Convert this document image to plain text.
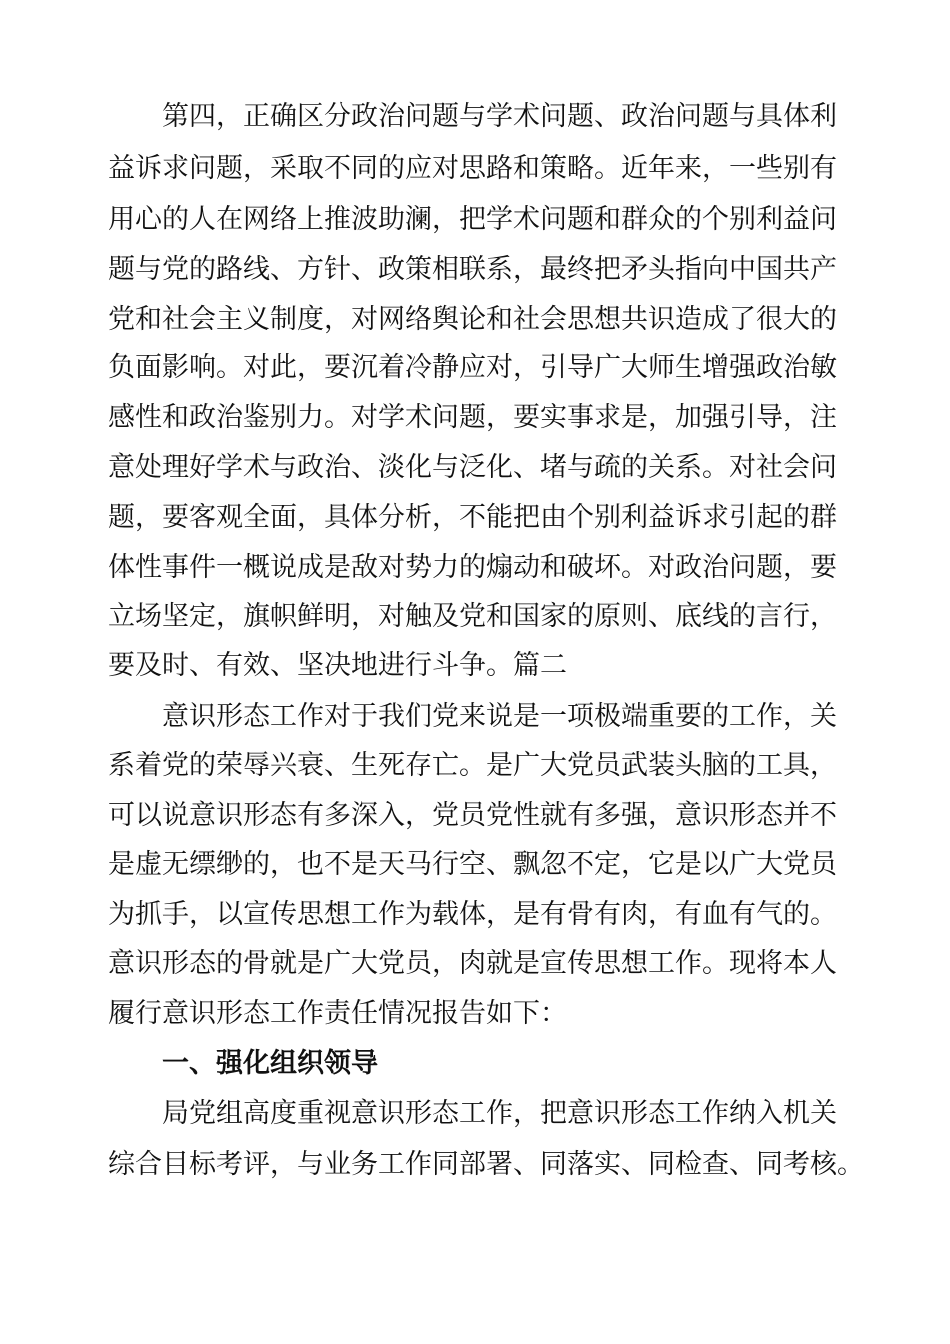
第四，正确区分政治问题与学术问题、政治问题与具体利
益诉求问题，采取不同的应对思路和策略。近年来，一些别有
用心的人在网络上推波助澜，把学术问题和群众的个别利益问
题与党的路线、方针、政策相联系，最终把矛头指向中国共产
党和社会主义制度，对网络舆论和社会思想共识造成了很大的
负面影响。对此，要沉着冷静应对，引导广大师生增强政治敏
感性和政治鉴别力。对学术问题，要实事求是，加强引导，注
意处理好学术与政治、淡化与泛化、堵与疏的关系。对社会问
题，要客观全面，具体分析，不能把由个别利益诉求引起的群
体性事件一概说成是敌对势力的煽动和破坏。对政治问题，要
立场坚定，旗帜鲜明，对触及党和国家的原则、底线的言行，
要及时、有效、坚决地进行斗争。篇二
意识形态工作对于我们党来说是一项极端重要的工作，关
系着党的荣辱兴衰、生死存亡。是广大党员武装头脑的工具，
可以说意识形态有多深入，党员党性就有多强，意识形态并不
是虚无缥缈的，也不是天马行空、飘忽不定，它是以广大党员
为抓手，以宣传思想工作为载体，是有骨有肉，有血有气的。
意识形态的骨就是广大党员，肉就是宣传思想工作。现将本人
履行意识形态工作责任情况报告如下：
一、强化组织领导
局党组高度重视意识形态工作，把意识形态工作纳入机关
综合目标考评，与业务工作同部署、同落实、同检查、同考核。
